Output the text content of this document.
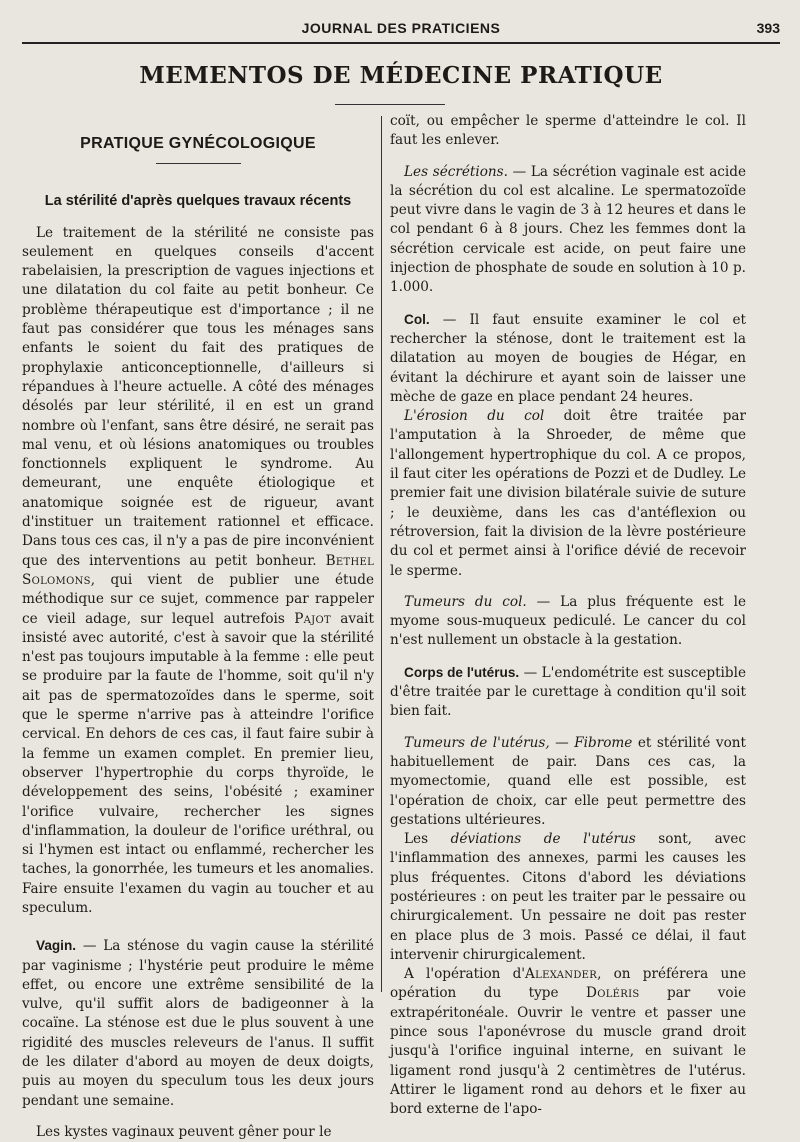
JOURNAL DES PRATICIENS	393
MEMENTOS DE MÉDECINE PRATIQUE
PRATIQUE GYNÉCOLOGIQUE
La stérilité d'après quelques travaux récents

Le traitement de la stérilité ne consiste pas seulement en quelques conseils d'accent rabelaisien, la prescription de vagues injections et une dilatation du col faite au petit bonheur. Ce problème thérapeutique est d'importance ; il ne faut pas considérer que tous les ménages sans enfants le soient du fait des pratiques de prophylaxie anticonceptionnelle, d'ailleurs si répandues à l'heure actuelle. A côté des ménages désolés par leur stérilité, il en est un grand nombre où l'enfant, sans être désiré, ne serait pas mal venu, et où lésions anatomiques ou troubles fonctionnels expliquent le syndrome. Au demeurant, une enquête étiologique et anatomique soignée est de rigueur, avant d'instituer un traitement rationnel et efficace. Dans tous ces cas, il n'y a pas de pire inconvénient que des interventions au petit bonheur. Bethel Solomons, qui vient de publier une étude méthodique sur ce sujet, commence par rappeler ce vieil adage, sur lequel autrefois Pajot avait insisté avec autorité, c'est à savoir que la stérilité n'est pas toujours imputable à la femme : elle peut se produire par la faute de l'homme, soit qu'il n'y ait pas de spermatozoïdes dans le sperme, soit que le sperme n'arrive pas à atteindre l'orifice cervical. En dehors de ces cas, il faut faire subir à la femme un examen complet. En premier lieu, observer l'hypertrophie du corps thyroïde, le développement des seins, l'obésité ; examiner l'orifice vulvaire, rechercher les signes d'inflammation, la douleur de l'orifice uréthral, ou si l'hymen est intact ou enflammé, rechercher les taches, la gonorrhée, les tumeurs et les anomalies. Faire ensuite l'examen du vagin au toucher et au speculum.

Vagin. — La sténose du vagin cause la stérilité par vaginisme ; l'hystérie peut produire le même effet, ou encore une extrême sensibilité de la vulve, qu'il suffit alors de badigeonner à la cocaïne. La sténose est due le plus souvent à une rigidité des muscles releveurs de l'anus. Il suffit de les dilater d'abord au moyen de deux doigts, puis au moyen du speculum tous les deux jours pendant une semaine.

Les kystes vaginaux peuvent gêner pour le

coït, ou empêcher le sperme d'atteindre le col. Il faut les enlever.

Les sécrétions. — La sécrétion vaginale est acide la sécrétion du col est alcaline. Le spermatozoïde peut vivre dans le vagin de 3 à 12 heures et dans le col pendant 6 à 8 jours. Chez les femmes dont la sécrétion cervicale est acide, on peut faire une injection de phosphate de soude en solution à 10 p. 1.000.

Col. — Il faut ensuite examiner le col et rechercher la sténose, dont le traitement est la dilatation au moyen de bougies de Hégar, en évitant la déchirure et ayant soin de laisser une mèche de gaze en place pendant 24 heures.

L'érosion du col doit être traitée par l'amputation à la Shroeder, de même que l'allongement hypertrophique du col. A ce propos, il faut citer les opérations de Pozzi et de Dudley. Le premier fait une division bilatérale suivie de suture ; le deuxième, dans les cas d'antéflexion ou rétroversion, fait la division de la lèvre postérieure du col et permet ainsi à l'orifice dévié de recevoir le sperme.

Tumeurs du col. — La plus fréquente est le myome sous-muqueux pediculé. Le cancer du col n'est nullement un obstacle à la gestation.

Corps de l'utérus. — L'endométrite est susceptible d'être traitée par le curettage à condition qu'il soit bien fait.

Tumeurs de l'utérus, — Fibrome et stérilité vont habituellement de pair. Dans ces cas, la myomectomie, quand elle est possible, est l'opération de choix, car elle peut permettre des gestations ultérieures.

Les déviations de l'utérus sont, avec l'inflammation des annexes, parmi les causes les plus fréquentes. Citons d'abord les déviations postérieures : on peut les traiter par le pessaire ou chirurgicalement. Un pessaire ne doit pas rester en place plus de 3 mois. Passé ce délai, il faut intervenir chirurgicalement.

A l'opération d'Alexander, on préférera une opération du type Doléris par voie extrapéritonéale. Ouvrir le ventre et passer une pince sous l'aponévrose du muscle grand droit jusqu'à l'orifice inguinal interne, en suivant le ligament rond jusqu'à 2 centimètres de l'utérus. Attirer le ligament rond au dehors et le fixer au bord externe de l'apo-
